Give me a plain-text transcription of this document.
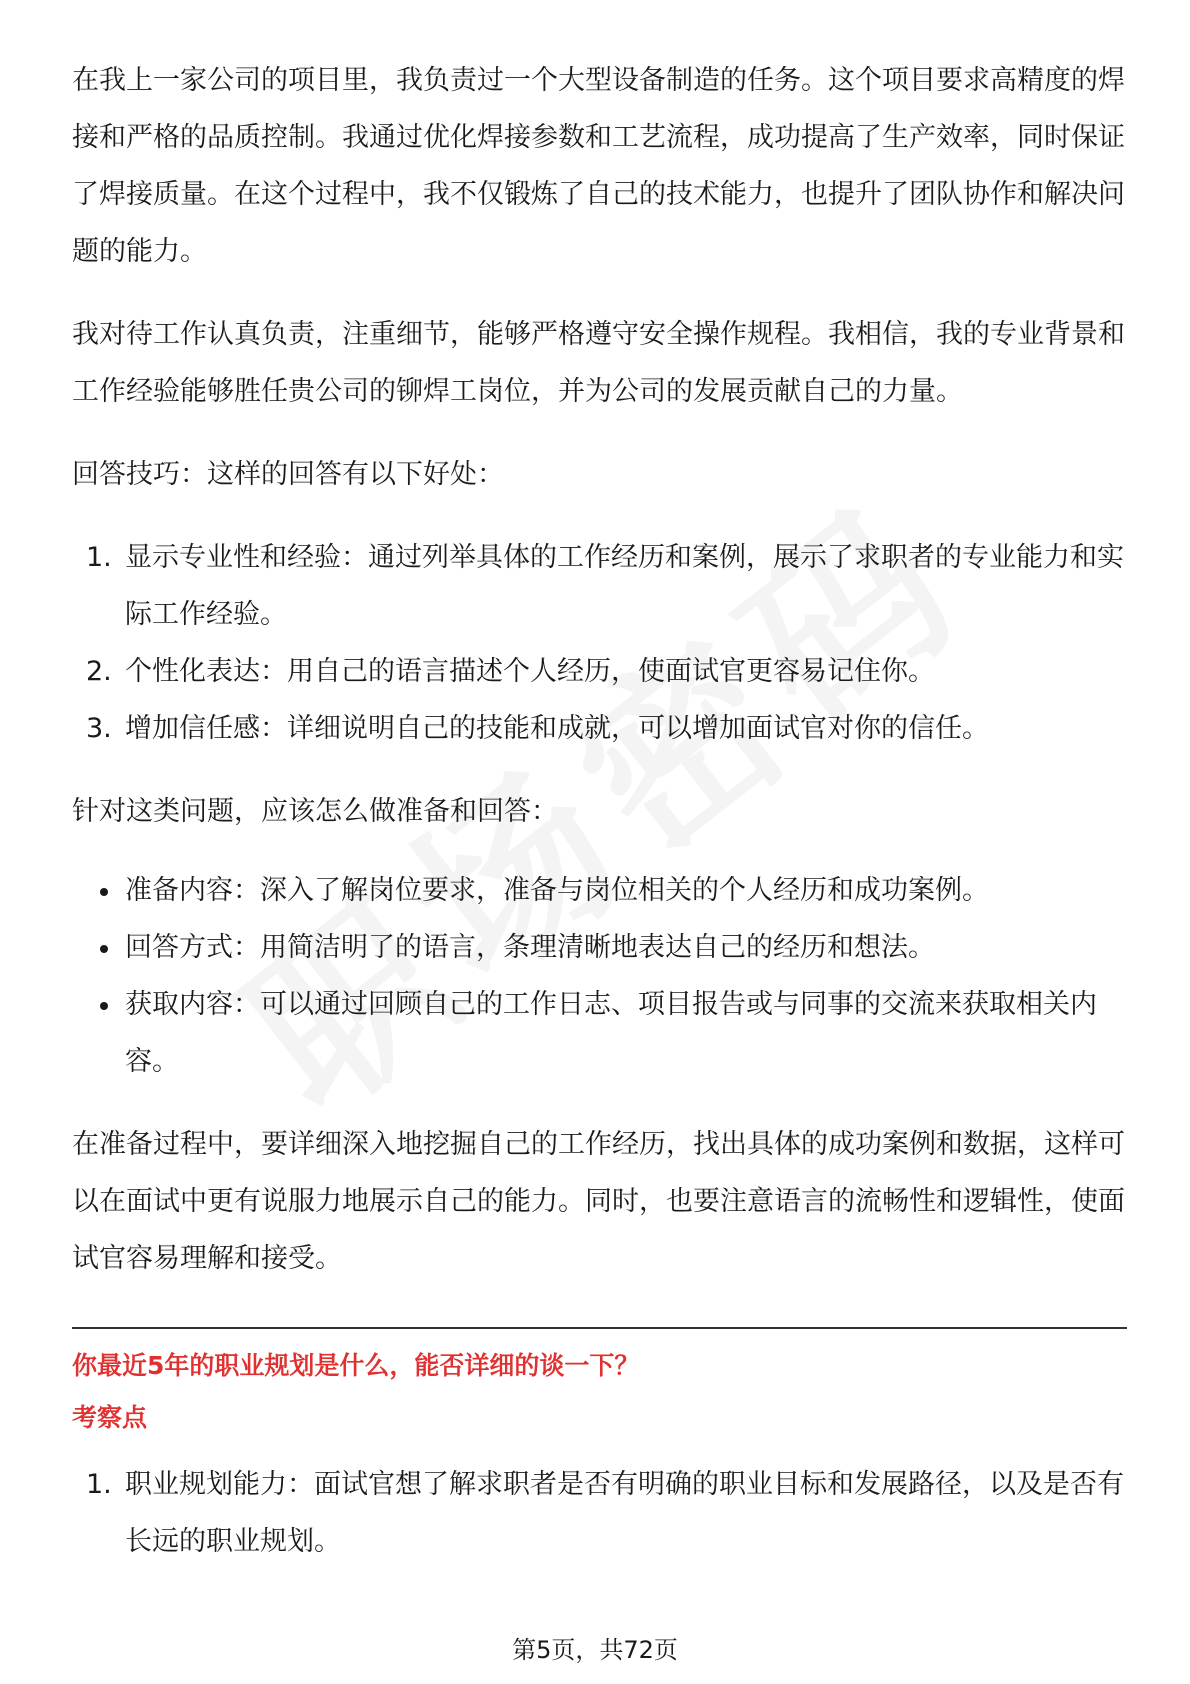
在我上一家公司的项目里，我负责过一个大型设备制造的任务。这个项目要求高精度的焊接和严格的品质控制。我通过优化焊接参数和工艺流程，成功提高了生产效率，同时保证了焊接质量。在这个过程中，我不仅锻炼了自己的技术能力，也提升了团队协作和解决问题的能力。

我对待工作认真负责，注重细节，能够严格遵守安全操作规程。我相信，我的专业背景和工作经验能够胜任贵公司的铆焊工岗位，并为公司的发展贡献自己的力量。

回答技巧：这样的回答有以下好处：

1. 显示专业性和经验：通过列举具体的工作经历和案例，展示了求职者的专业能力和实际工作经验。
2. 个性化表达：用自己的语言描述个人经历，使面试官更容易记住你。
3. 增加信任感：详细说明自己的技能和成就，可以增加面试官对你的信任。

针对这类问题，应该怎么做准备和回答：

准备内容：深入了解岗位要求，准备与岗位相关的个人经历和成功案例。
回答方式：用简洁明了的语言，条理清晰地表达自己的经历和想法。
获取内容：可以通过回顾自己的工作日志、项目报告或与同事的交流来获取相关内容。

在准备过程中，要详细深入地挖掘自己的工作经历，找出具体的成功案例和数据，这样可以在面试中更有说服力地展示自己的能力。同时，也要注意语言的流畅性和逻辑性，使面试官容易理解和接受。

你最近5年的职业规划是什么，能否详细的谈一下？
考察点
1. 职业规划能力：面试官想了解求职者是否有明确的职业目标和发展路径，以及是否有长远的职业规划。
第5页，共72页
